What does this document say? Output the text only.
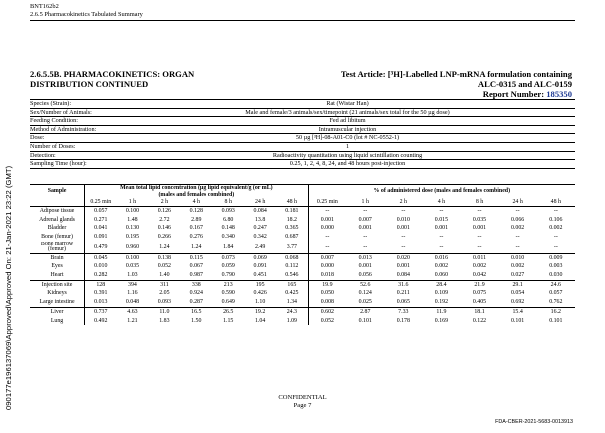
BNT162b2
2.6.5 Pharmacokinetics Tabulated Summary
090177e196137069\Approved\Approved On: 21-Jan-2021 23:22 (GMT)
2.6.5.5B. PHARMACOKINETICS: ORGAN
DISTRIBUTION CONTINUED
Test Article: [³H]-Labelled LNP-mRNA formulation containing
ALC-0315 and ALC-0159
Report Number: 185350
Species (Strain):	Rat (Wistar Han)
Sex/Number of Animals:	Male and female/3 animals/sex/timepoint (21 animals/sex total for the 50 µg dose)
Feeding Condition:	Fed ad libitum
Method of Administration:	Intramuscular injection
Dose:	50 µg [³H]-08-A01-C0 (lot # NC-0552-1)
Number of Doses:	1
Detection:	Radioactivity quantitation using liquid scintillation counting
Sampling Time (hour):	0.25, 1, 2, 4, 8, 24, and 48 hours post-injection
Sample	Mean total lipid concentration (µg lipid equivalent/g (or mL)
(males and females combined)							% of administered dose (males and females combined)						
	0.25 min	1 h	2 h	4 h	8 h	24 h	48 h	0.25 min	1 h	2 h	4 h	8 h	24 h	48 h
Adipose tissue	0.057	0.100	0.126	0.128	0.093	0.084	0.181	--	--	--	--	--	--	--
Adrenal glands	0.271	1.48	2.72	2.89	6.80	13.8	18.2	0.001	0.007	0.010	0.015	0.035	0.066	0.106
Bladder	0.041	0.130	0.146	0.167	0.148	0.247	0.365	0.000	0.001	0.001	0.001	0.001	0.002	0.002
Bone (femur)	0.091	0.195	0.266	0.276	0.340	0.342	0.687	--	--	--	--	--	--	--

Bone marrow
(femur)	0.479	0.960	1.24	1.24	1.84	2.49	3.77	--	--	--	--	--	--	--
Brain	0.045	0.100	0.138	0.115	0.073	0.069	0.068	0.007	0.013	0.020	0.016	0.011	0.010	0.009
Eyes	0.010	0.035	0.052	0.067	0.059	0.091	0.112	0.000	0.001	0.001	0.002	0.002	0.002	0.003
Heart	0.282	1.03	1.40	0.987	0.790	0.451	0.546	0.018	0.056	0.084	0.060	0.042	0.027	0.030
Injection site	128	394	311	338	213	195	165	19.9	52.6	31.6	28.4	21.9	29.1	24.6
Kidneys	0.391	1.16	2.05	0.924	0.590	0.426	0.425	0.050	0.124	0.211	0.109	0.075	0.054	0.057
Large intestine	0.013	0.048	0.093	0.287	0.649	1.10	1.34	0.008	0.025	0.065	0.192	0.405	0.692	0.762
Liver	0.737	4.63	11.0	16.5	26.5	19.2	24.3	0.602	2.87	7.33	11.9	18.1	15.4	16.2
Lung	0.492	1.21	1.83	1.50	1.15	1.04	1.09	0.052	0.101	0.178	0.169	0.122	0.101	0.101
CONFIDENTIAL
Page 7
FDA-CBER-2021-5683-0013913
